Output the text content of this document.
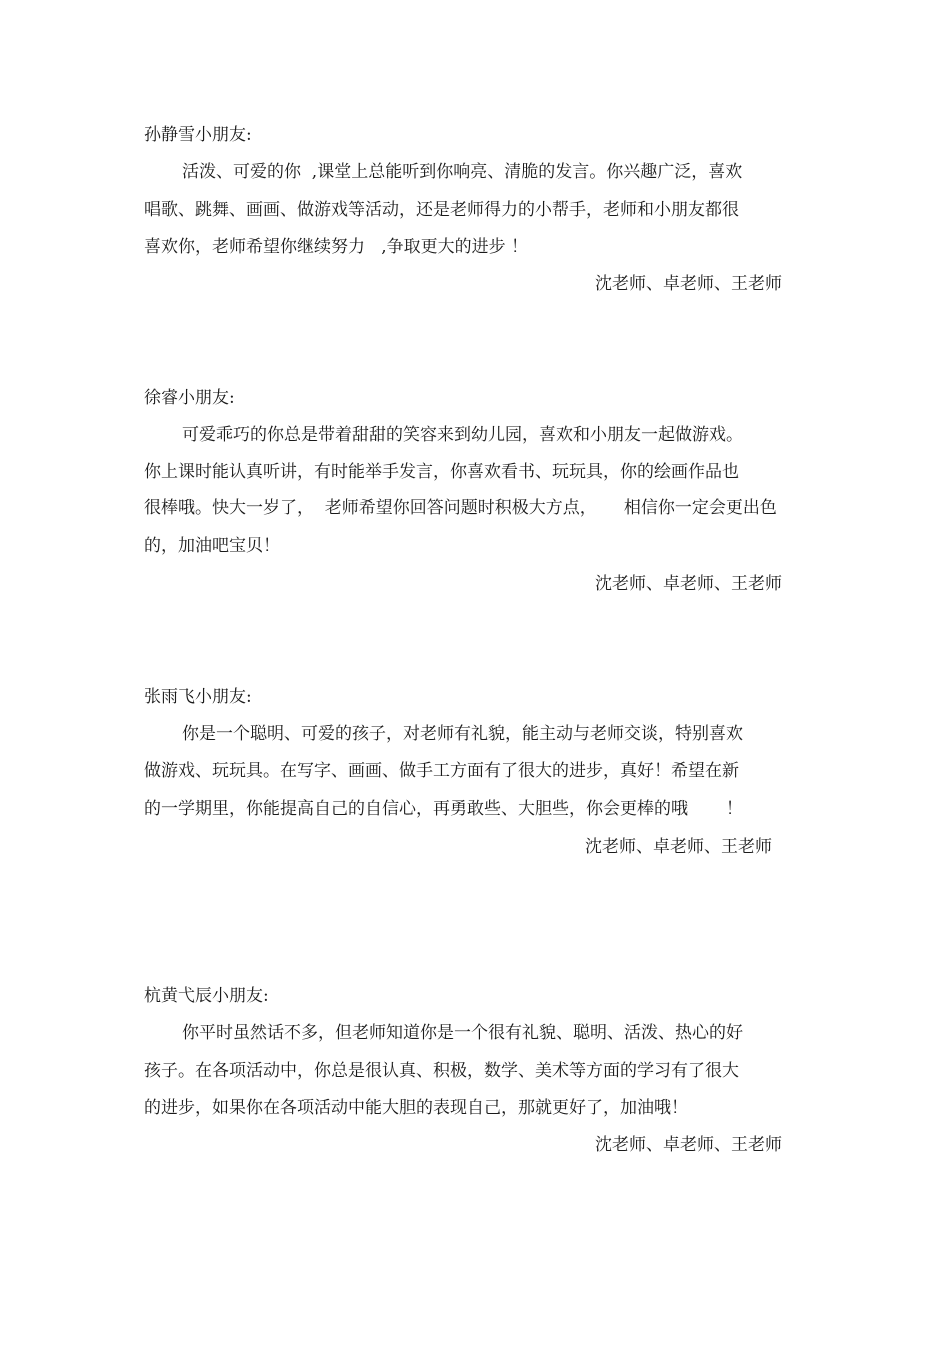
孙静雪小朋友:
活泼、可爱的你  ,课堂上总能听到你响亮、清脆的发言。你兴趣广泛，喜欢
唱歌、跳舞、画画、做游戏等活动，还是老师得力的小帮手，老师和小朋友都很
喜欢你，老师希望你继续努力   ,争取更大的进步 ！
沈老师、卓老师、王老师
徐睿小朋友:
可爱乖巧的你总是带着甜甜的笑容来到幼儿园，喜欢和小朋友一起做游戏。
你上课时能认真听讲，有时能举手发言，你喜欢看书、玩玩具，你的绘画作品也
很棒哦。快大一岁了，  老师希望你回答问题时积极大方点，     相信你一定会更出色
的，加油吧宝贝！
沈老师、卓老师、王老师
张雨飞小朋友:
你是一个聪明、可爱的孩子，对老师有礼貌，能主动与老师交谈，特别喜欢
做游戏、玩玩具。在写字、画画、做手工方面有了很大的进步，真好！希望在新
的一学期里，你能提高自己的自信心，再勇敢些、大胆些，你会更棒的哦       ！
沈老师、卓老师、王老师
杭黄弋辰小朋友:
你平时虽然话不多，但老师知道你是一个很有礼貌、聪明、活泼、热心的好
孩子。在各项活动中，你总是很认真、积极，数学、美术等方面的学习有了很大
的进步，如果你在各项活动中能大胆的表现自己，那就更好了，加油哦！
沈老师、卓老师、王老师
